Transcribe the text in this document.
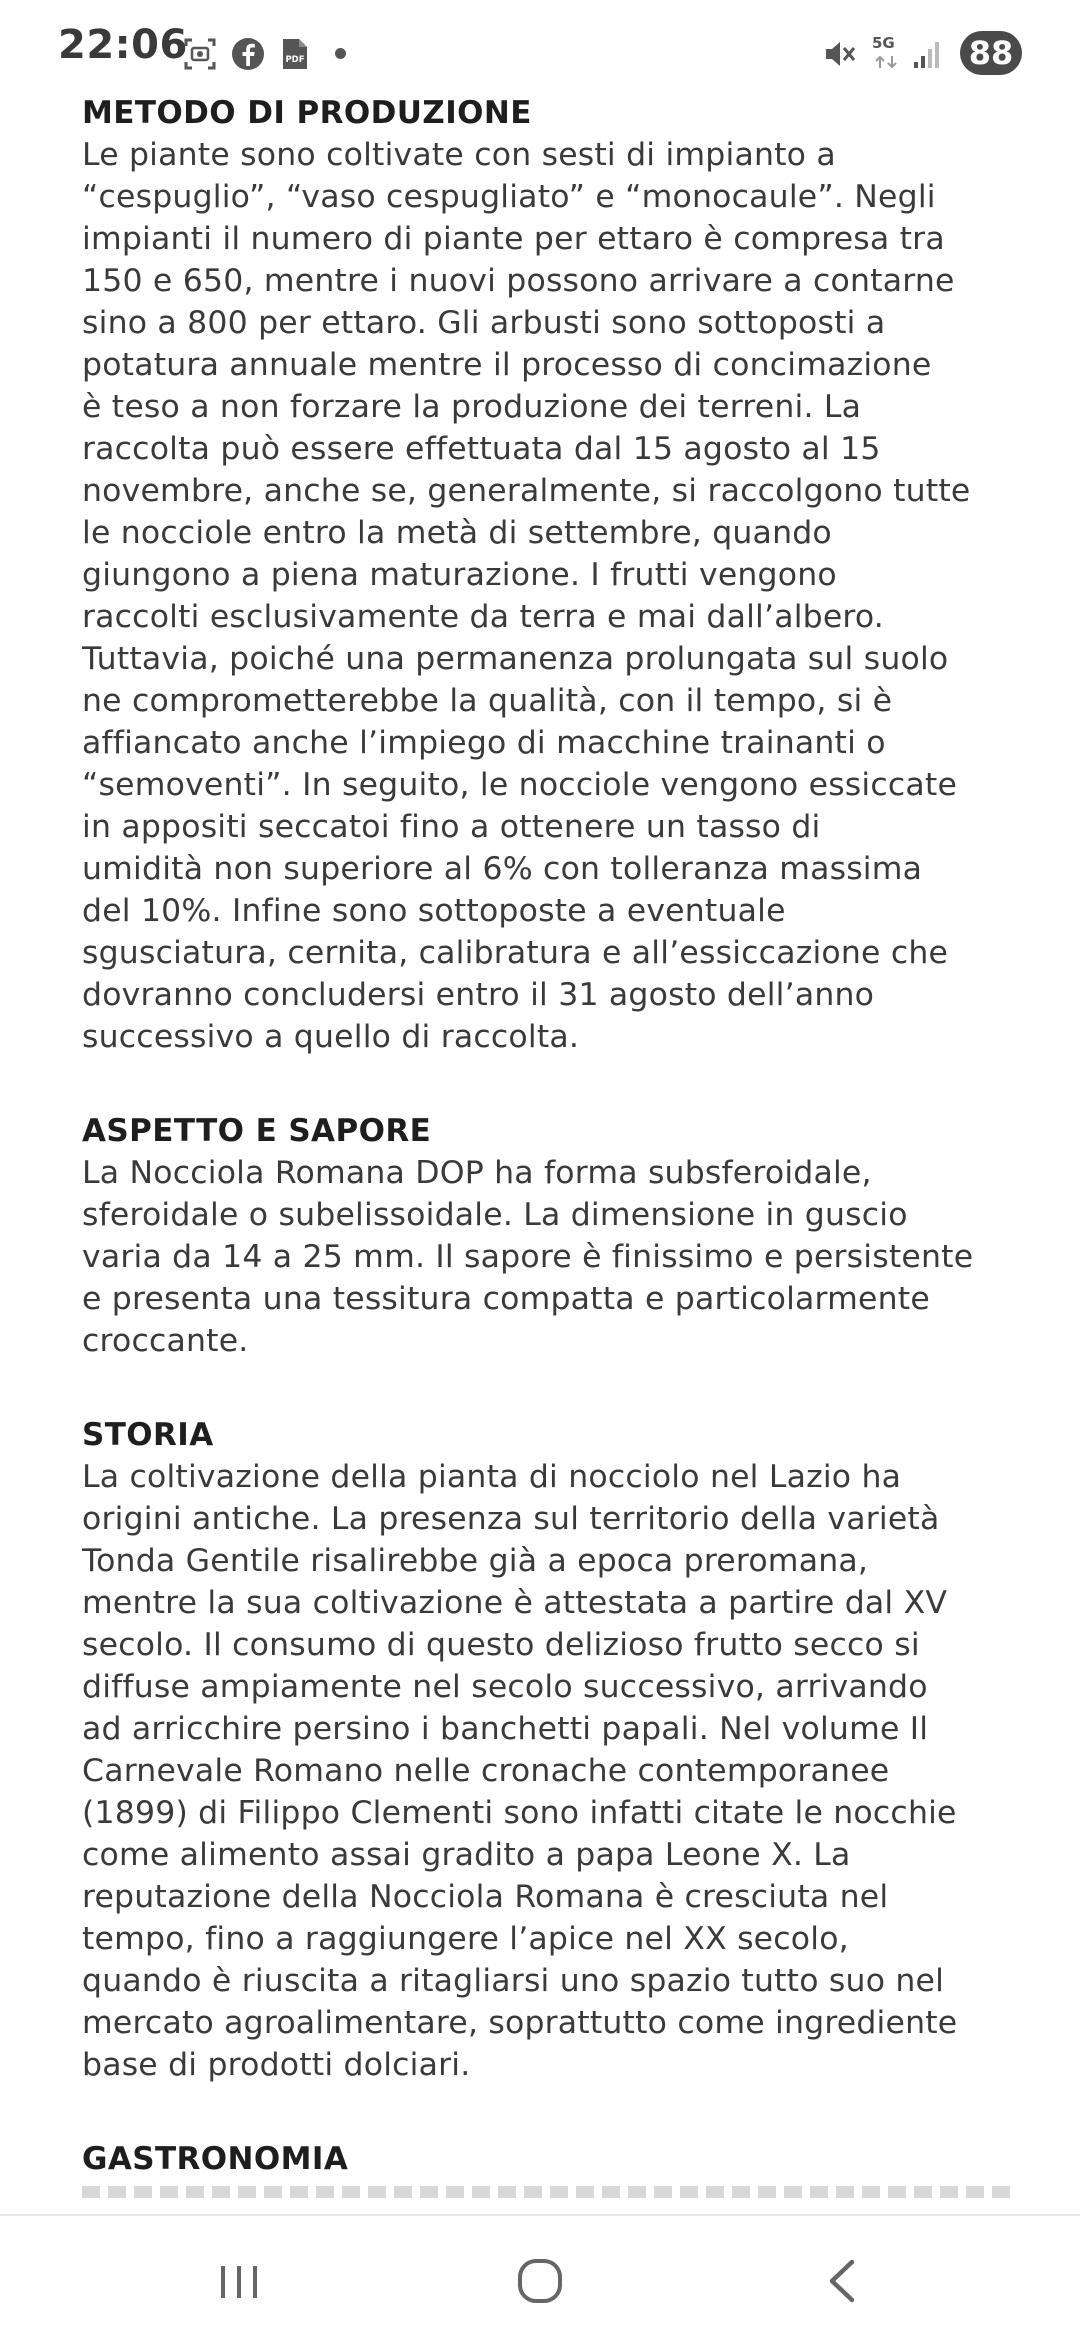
22:06	PDF
5G 88
METODO DI PRODUZIONE

Le piante sono coltivate con sesti di impianto a
“cespuglio”, “vaso cespugliato” e “monocaule”. Negli
impianti il numero di piante per ettaro è compresa tra
150 e 650, mentre i nuovi possono arrivare a contarne
sino a 800 per ettaro. Gli arbusti sono sottoposti a
potatura annuale mentre il processo di concimazione
è teso a non forzare la produzione dei terreni. La
raccolta può essere effettuata dal 15 agosto al 15
novembre, anche se, generalmente, si raccolgono tutte
le nocciole entro la metà di settembre, quando
giungono a piena maturazione. I frutti vengono
raccolti esclusivamente da terra e mai dall’albero.
Tuttavia, poiché una permanenza prolungata sul suolo
ne comprometterebbe la qualità, con il tempo, si è
affiancato anche l’impiego di macchine trainanti o
“semoventi”. In seguito, le nocciole vengono essiccate
in appositi seccatoi fino a ottenere un tasso di
umidità non superiore al 6% con tolleranza massima
del 10%. Infine sono sottoposte a eventuale
sgusciatura, cernita, calibratura e all’essiccazione che
dovranno concludersi entro il 31 agosto dell’anno
successivo a quello di raccolta.

ASPETTO E SAPORE

La Nocciola Romana DOP ha forma subsferoidale,
sferoidale o subelissoidale. La dimensione in guscio
varia da 14 a 25 mm. Il sapore è finissimo e persistente
e presenta una tessitura compatta e particolarmente
croccante.

STORIA

La coltivazione della pianta di nocciolo nel Lazio ha
origini antiche. La presenza sul territorio della varietà
Tonda Gentile risalirebbe già a epoca preromana,
mentre la sua coltivazione è attestata a partire dal XV
secolo. Il consumo di questo delizioso frutto secco si
diffuse ampiamente nel secolo successivo, arrivando
ad arricchire persino i banchetti papali. Nel volume Il
Carnevale Romano nelle cronache contemporanee
(1899) di Filippo Clementi sono infatti citate le nocchie
come alimento assai gradito a papa Leone X. La
reputazione della Nocciola Romana è cresciuta nel
tempo, fino a raggiungere l’apice nel XX secolo,
quando è riuscita a ritagliarsi uno spazio tutto suo nel
mercato agroalimentare, soprattutto come ingrediente
base di prodotti dolciari.

GASTRONOMIA
